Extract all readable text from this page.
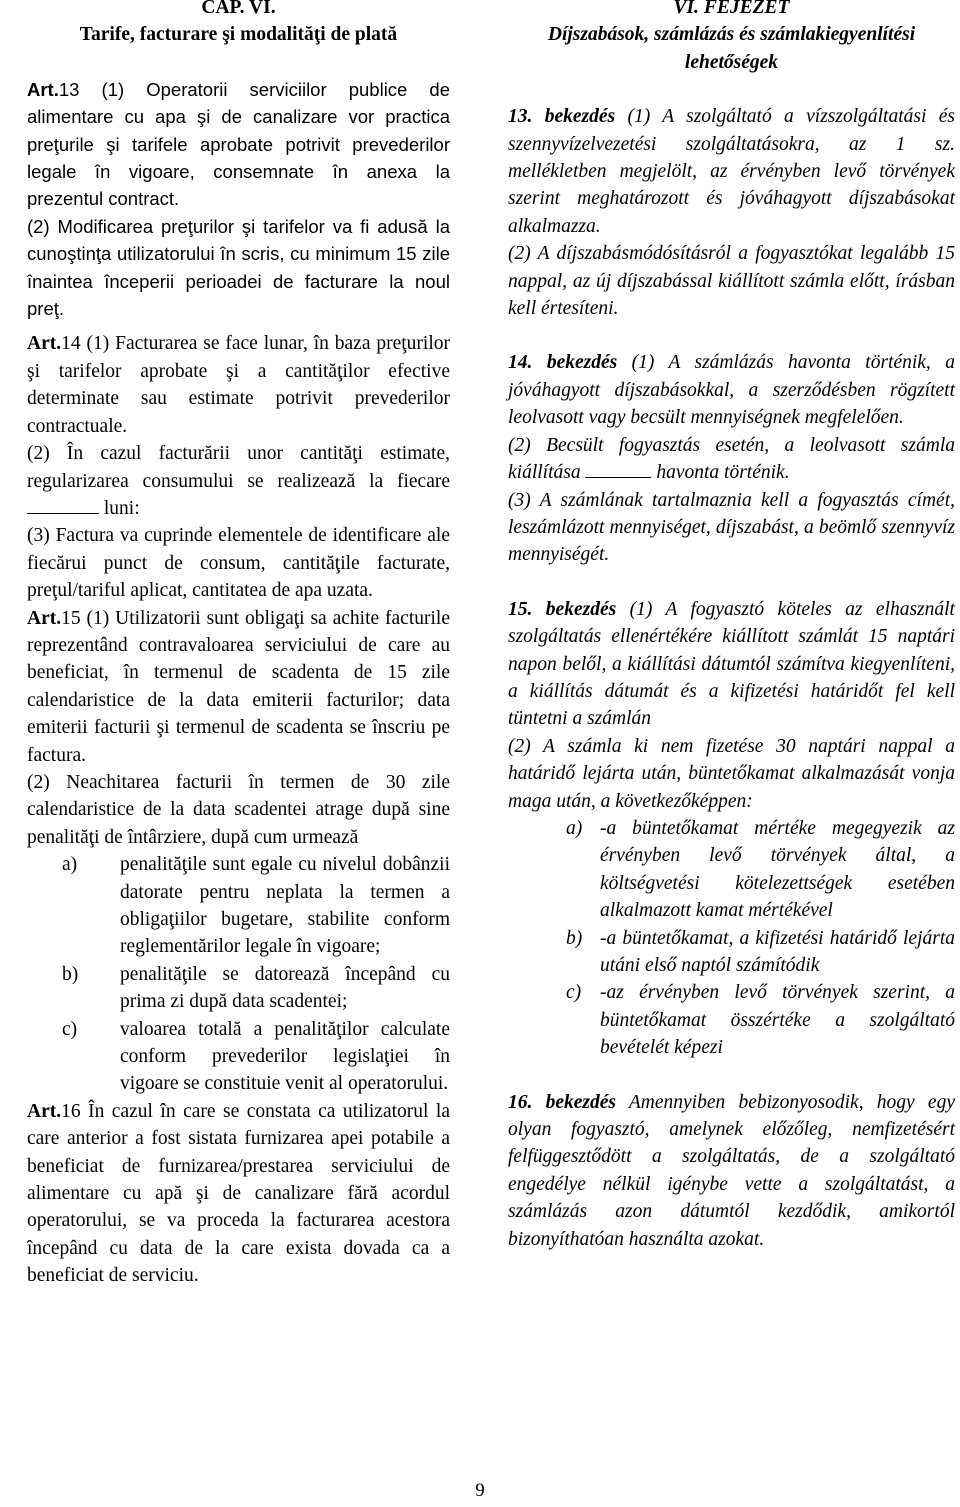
CAP. VI.
Tarife, facturare şi modalităţi de plată

Art.13 (1) Operatorii serviciilor publice de alimentare cu apa şi de canalizare vor practica preţurile şi tarifele aprobate potrivit prevederilor legale în vigoare, consemnate în anexa la prezentul contract.

(2) Modificarea preţurilor şi tarifelor va fi adusă la cunoştinţa utilizatorului în scris, cu minimum 15 zile înaintea începerii perioadei de facturare la noul preţ.

Art.14 (1) Facturarea se face lunar, în baza preţurilor şi tarifelor aprobate şi a cantităţilor efective determinate sau estimate potrivit prevederilor contractuale.

(2) În cazul facturării unor cantităţi estimate, regularizarea consumului se realizează la fiecare  luni:

(3) Factura va cuprinde elementele de identificare ale fiecărui punct de consum, cantităţile facturate, preţul/tariful aplicat, cantitatea de apa uzata.

Art.15 (1) Utilizatorii sunt obligaţi sa achite facturile reprezentând contravaloarea serviciului de care au beneficiat, în termenul de scadenta de 15 zile calendaristice de la data emiterii facturilor; data emiterii facturii şi termenul de scadenta se înscriu pe factura.

(2) Neachitarea facturii în termen de 30 zile calendaristice de la data scadentei atrage după sine penalităţi de întârziere, după cum urmează

a) penalităţile sunt egale cu nivelul dobânzii datorate pentru neplata la termen a obligaţiilor bugetare, stabilite conform reglementărilor legale în vigoare;
b) penalităţile se datorează începând cu prima zi după data scadentei;
c) valoarea totală a penalităţilor calculate conform prevederilor legislaţiei în vigoare se constituie venit al operatorului.

Art.16 În cazul în care se constata ca utilizatorul la care anterior a fost sistata furnizarea apei potabile a beneficiat de furnizarea/prestarea serviciului de alimentare cu apă şi de canalizare fără acordul operatorului, se va proceda la facturarea acestora începând cu data de la care exista dovada ca a beneficiat de serviciu.

VI. FEJEZET
Díjszabások, számlázás és számlakiegyenlítési lehetőségek

13. bekezdés (1) A szolgáltató a vízszolgáltatási és szennyvízelvezetési szolgáltatásokra, az 1 sz. mellékletben megjelölt, az érvényben levő törvények szerint meghatározott és jóváhagyott díjszabásokat alkalmazza.

(2) A díjszabásmódósításról a fogyasztókat legalább 15 nappal, az új díjszabással kiállított számla előtt, írásban kell értesíteni.

14. bekezdés (1) A számlázás havonta történik, a jóváhagyott díjszabásokkal, a szerződésben rögzített leolvasott vagy becsült mennyiségnek megfelelően.

(2) Becsült fogyasztás esetén, a leolvasott számla kiállítása	havonta történik.

(3) A számlának tartalmaznia kell a fogyasztás címét, leszámlázott mennyiséget, díjszabást, a beömlő szennyvíz mennyiségét.

15. bekezdés (1) A fogyasztó köteles az elhasznált szolgáltatás ellenértékére kiállított számlát 15 naptári napon belől, a kiállítási dátumtól számítva kiegyenlíteni, a kiállítás dátumát és a kifizetési határidőt fel kell tüntetni a számlán

(2) A számla ki nem fizetése 30 naptári nappal a határidő lejárta után, büntetőkamat alkalmazását vonja maga után, a következőképpen:

a) -a büntetőkamat mértéke megegyezik az érvényben levő törvények által, a költségvetési kötelezettségek esetében alkalmazott kamat mértékével
b) -a büntetőkamat, a kifizetési határidő lejárta utáni első naptól számítódik
c) -az érvényben levő törvények szerint, a büntetőkamat összértéke a szolgáltató bevételét képezi

16. bekezdés Amennyiben bebizonyosodik, hogy egy olyan fogyasztó, amelynek előzőleg, nemfizetésért felfüggesztődött a szolgáltatás, de a szolgáltató engedélye nélkül igénybe vette a szolgáltatást, a számlázás azon dátumtól kezdődik, amikortól bizonyíthatóan használta azokat.

9
